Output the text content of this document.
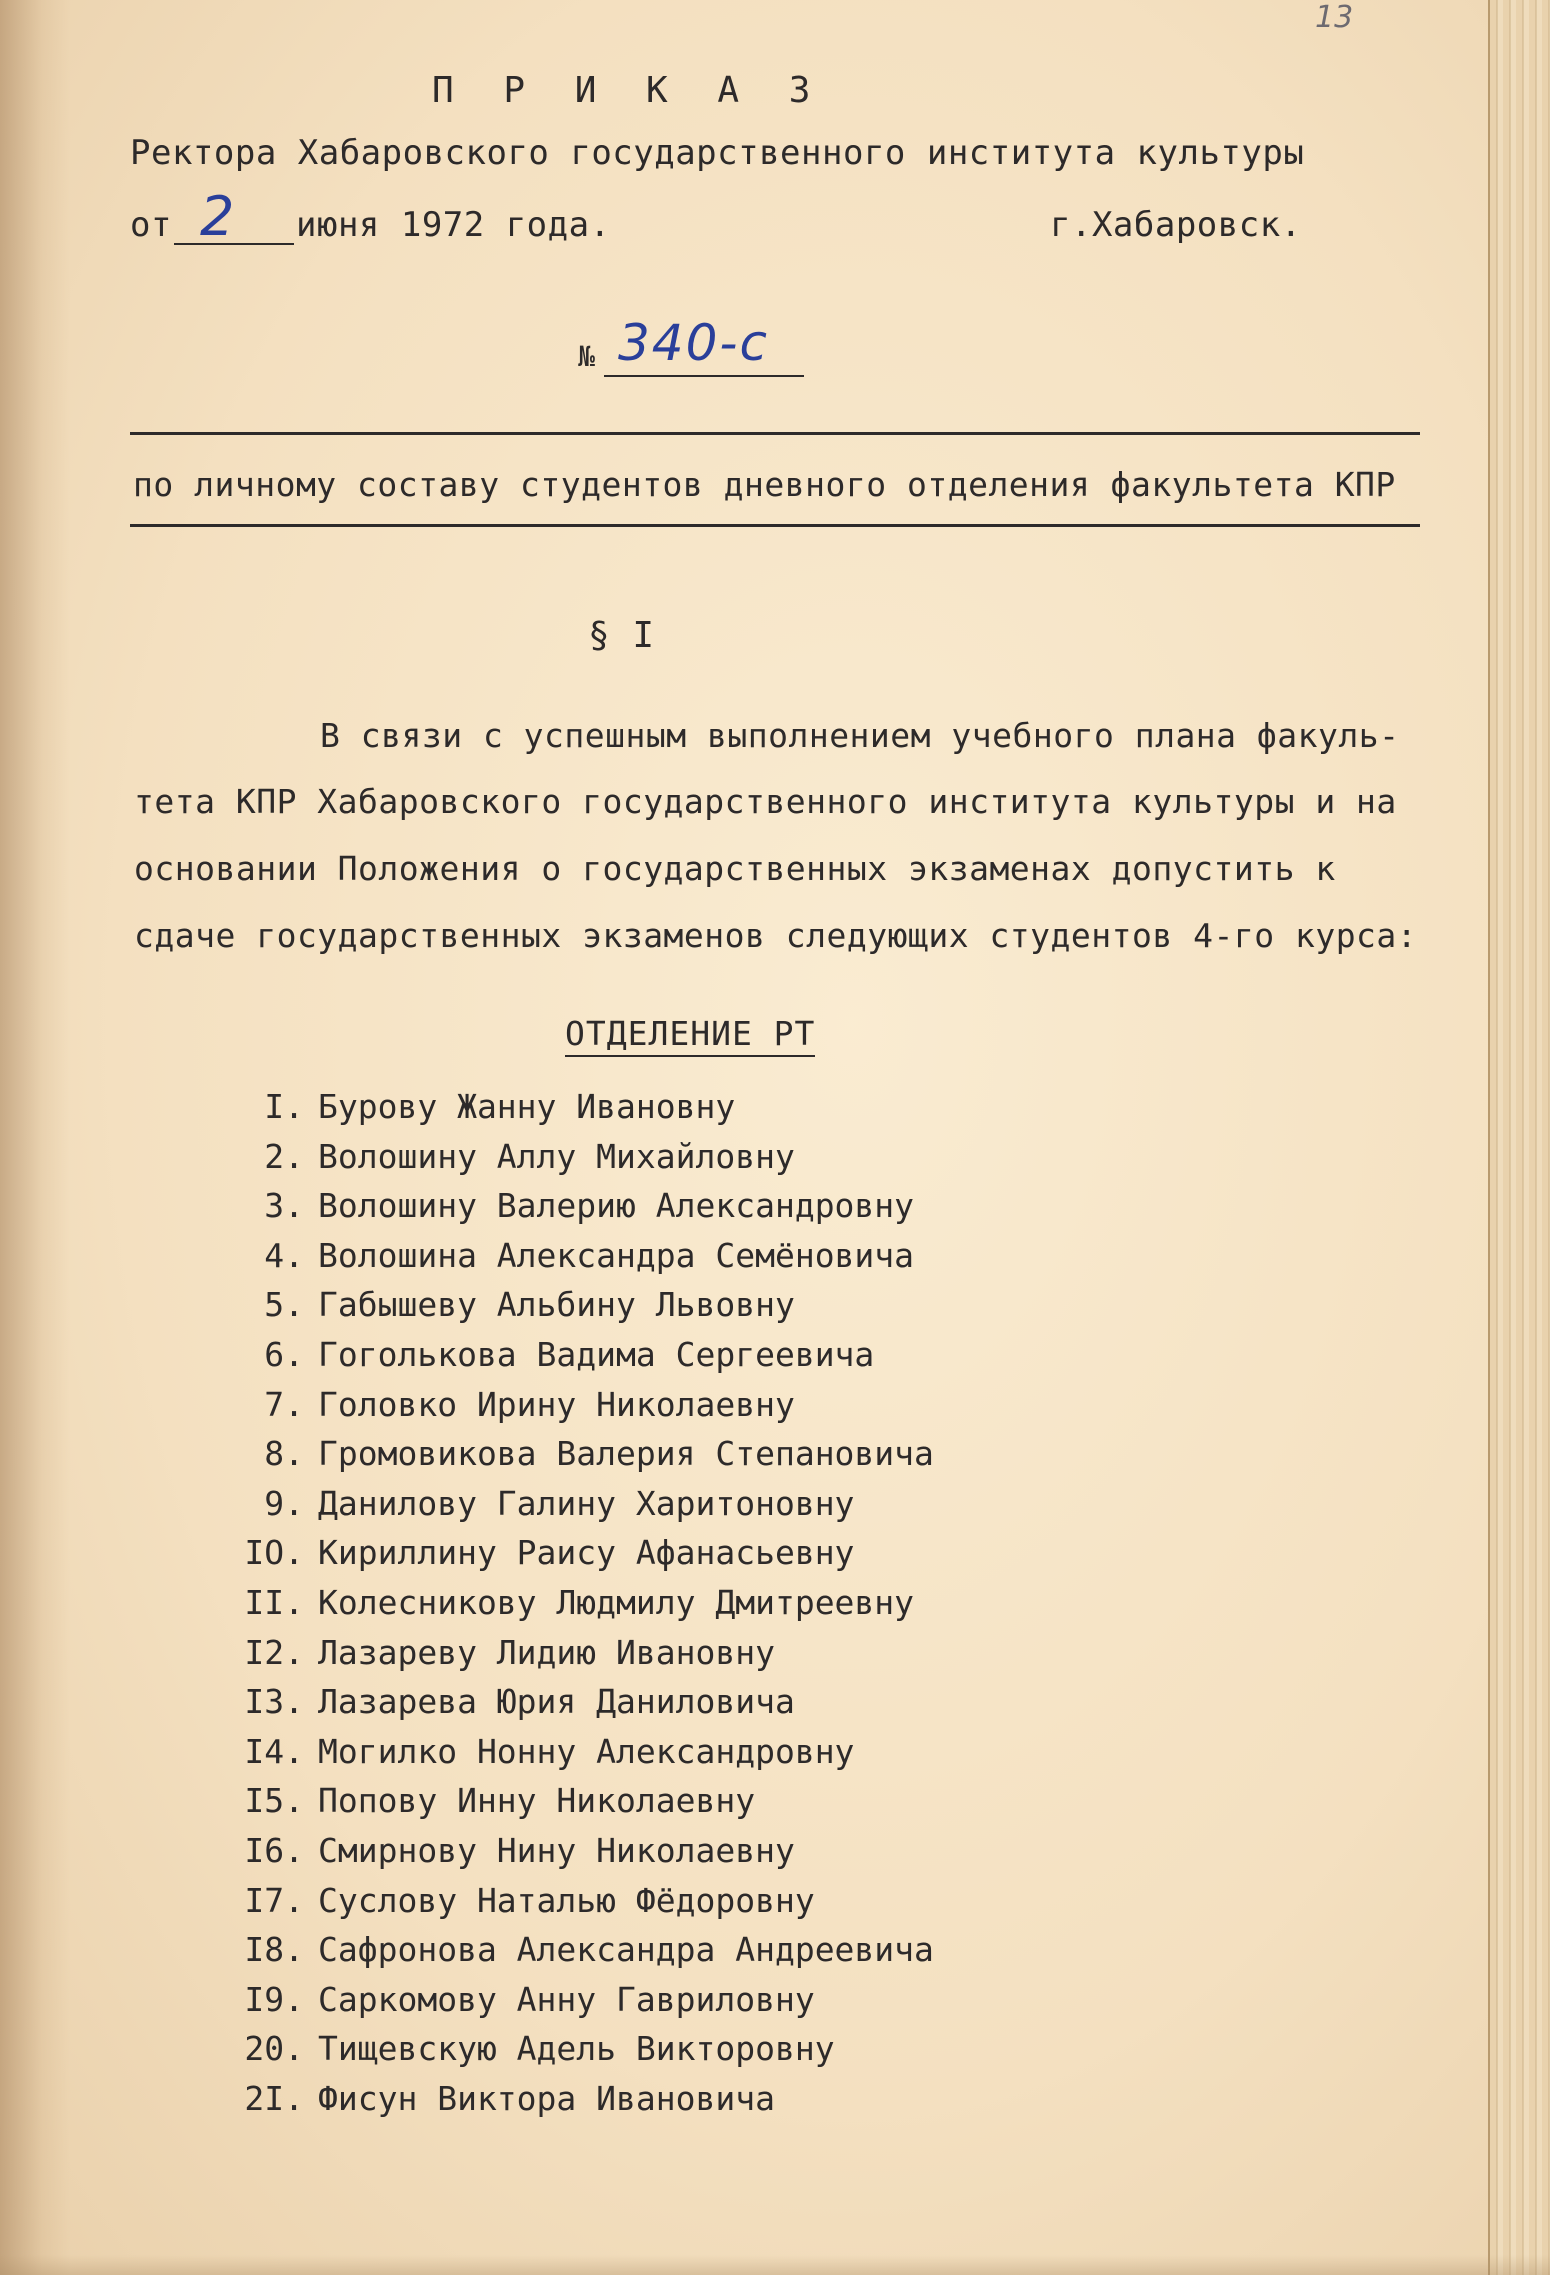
13
П Р И К А З
Ректора Хабаровского государственного института культуры
от 2 июня 1972 года.	г.Хабаровск.
№ 340-с
по личному составу студентов дневного отделения факультета КПР
§ I
В связи с успешным выполнением учебного плана факуль-
тета КПР Хабаровского государственного института культуры и на
основании Положения о государственных экзаменах допустить к
сдаче государственных экзаменов следующих студентов 4-го курса:
ОТДЕЛЕНИЕ РТ
I. Бурову Жанну Ивановну
2. Волошину Аллу Михайловну
3. Волошину Валерию Александровну
4. Волошина Александра Семёновича
5. Габышеву Альбину Львовну
6. Гоголькова Вадима Сергеевича
7. Головко Ирину Николаевну
8. Громовикова Валерия Степановича
9. Данилову Галину Харитоновну
IO. Кириллину Раису Афанасьевну
II. Колесникову Людмилу Дмитреевну
I2. Лазареву Лидию Ивановну
I3. Лазарева Юрия Даниловича
I4. Могилко Нонну Александровну
I5. Попову Инну Николаевну
I6. Смирнову Нину Николаевну
I7. Суслову Наталью Фёдоровну
I8. Сафронова Александра Андреевича
I9. Саркомову Анну Гавриловну
20. Тищевскую Адель Викторовну
2I. Фисун Виктора Ивановича
